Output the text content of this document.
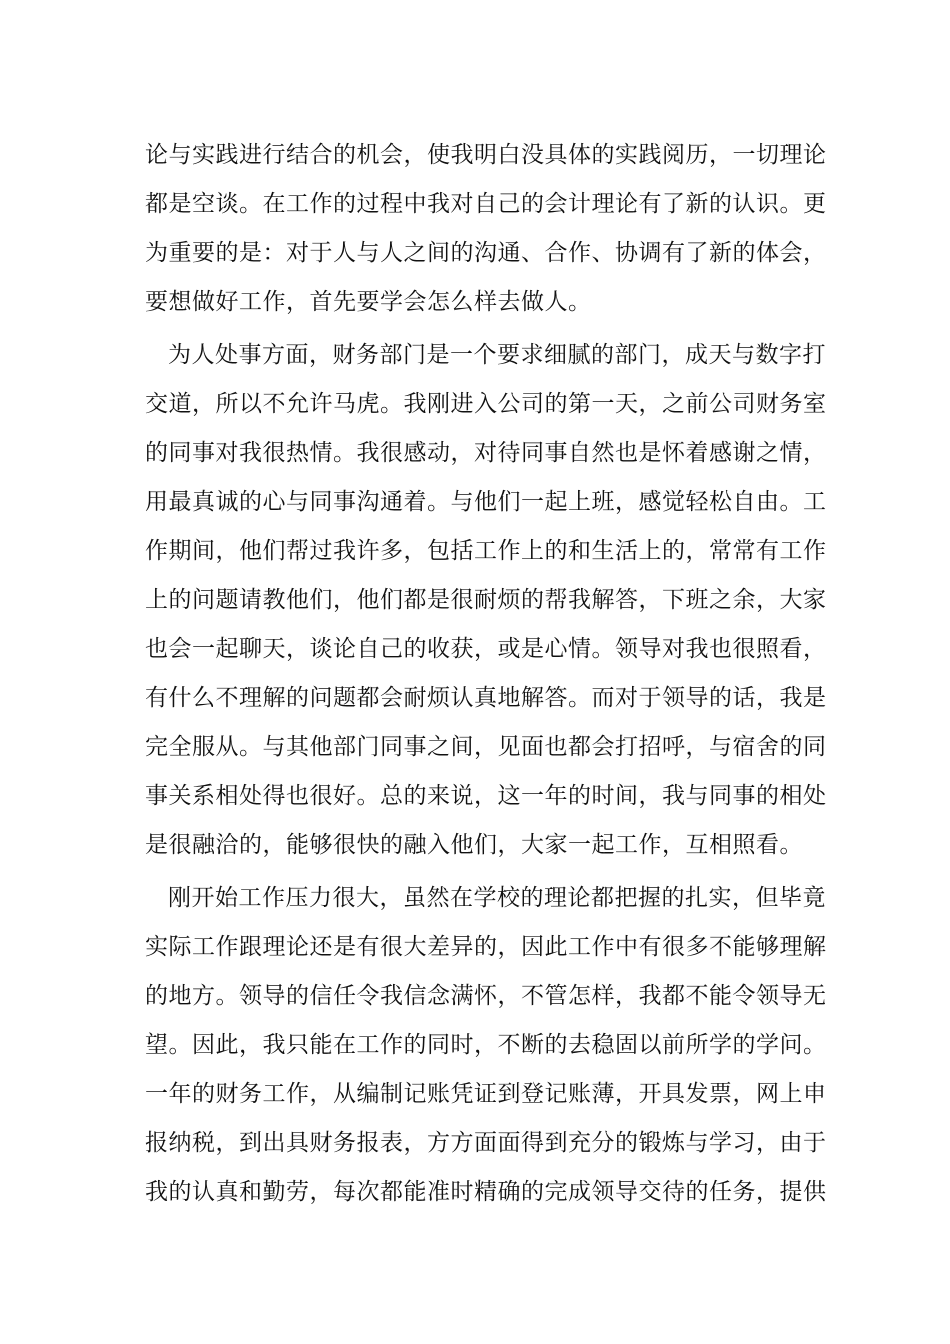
论与实践进行结合的机会，使我明白没具体的实践阅历，一切理论
都是空谈。在工作的过程中我对自己的会计理论有了新的认识。更
为重要的是：对于人与人之间的沟通、合作、协调有了新的体会，
要想做好工作，首先要学会怎么样去做人。
为人处事方面，财务部门是一个要求细腻的部门，成天与数字打
交道，所以不允许马虎。我刚进入公司的第一天，之前公司财务室
的同事对我很热情。我很感动，对待同事自然也是怀着感谢之情，
用最真诚的心与同事沟通着。与他们一起上班，感觉轻松自由。工
作期间，他们帮过我许多，包括工作上的和生活上的，常常有工作
上的问题请教他们，他们都是很耐烦的帮我解答，下班之余，大家
也会一起聊天，谈论自己的收获，或是心情。领导对我也很照看，
有什么不理解的问题都会耐烦认真地解答。而对于领导的话，我是
完全服从。与其他部门同事之间，见面也都会打招呼，与宿舍的同
事关系相处得也很好。总的来说，这一年的时间，我与同事的相处
是很融洽的，能够很快的融入他们，大家一起工作，互相照看。
刚开始工作压力很大，虽然在学校的理论都把握的扎实，但毕竟
实际工作跟理论还是有很大差异的，因此工作中有很多不能够理解
的地方。领导的信任令我信念满怀，不管怎样，我都不能令领导无
望。因此，我只能在工作的同时，不断的去稳固以前所学的学问。
一年的财务工作，从编制记账凭证到登记账薄，开具发票，网上申
报纳税，到出具财务报表，方方面面得到充分的锻炼与学习，由于
我的认真和勤劳，每次都能准时精确的完成领导交待的任务，提供
